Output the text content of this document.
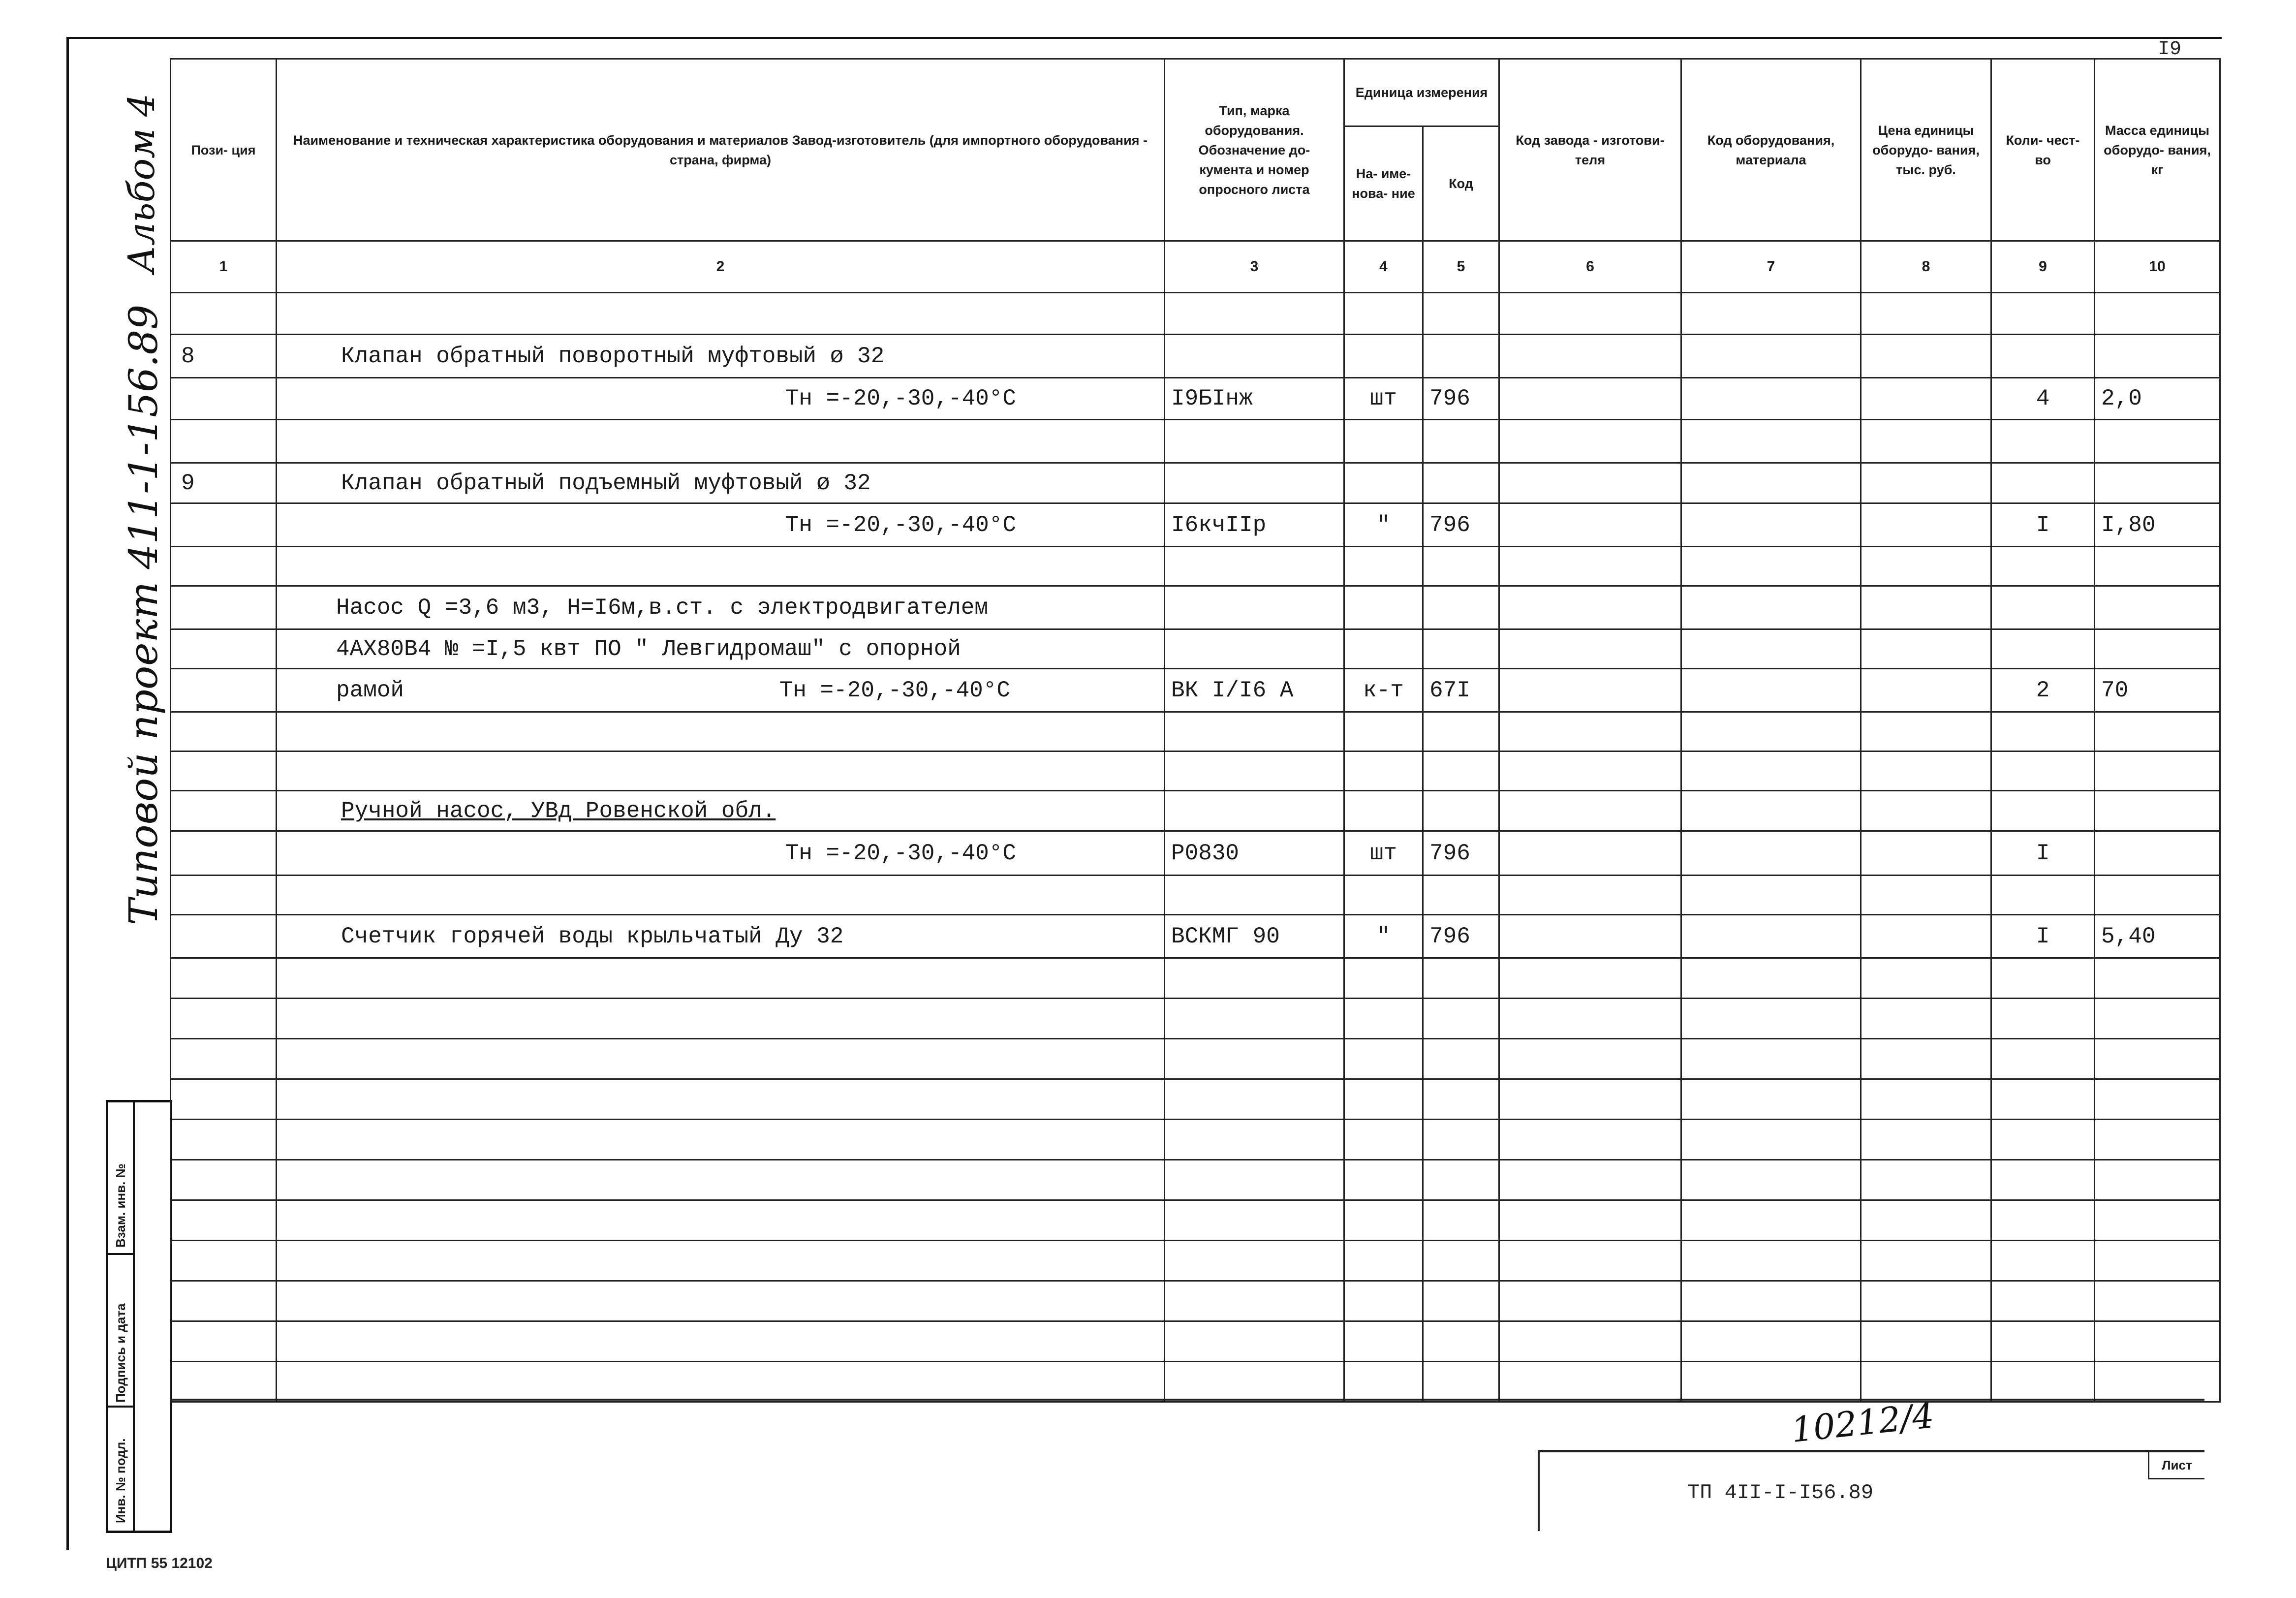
I9
Альбом 4
Типовой проект 411-1-156.89
Взам. инв. №
Подпись и дата
Инв. № подл.
Пози- ция	Наименование и техническая характеристика оборудования и материалов Завод-изготовитель (для импортного оборудования - страна, фирма)	Тип, марка оборудования. Обозначение до- кумента и номер опросного листа	Единица измерения		Код завода - изготови- теля	Код оборудования, материала	Цена единицы оборудо- вания, тыс. руб.	Коли- чест- во	Масса единицы оборудо- вания, кг
			На- име- нова- ние	Код					
1	2	3	4	5	6	7	8	9	10

8	Клапан обратный поворотный муфтовый ø 32								
	Тн =-20,-30,-40°С	I9БIнж	шт	796				4	2,0

9	Клапан обратный подъемный муфтовый ø 32								
	Тн =-20,-30,-40°С	I6кчIIр	"	796				I	I,80

	Насос Q =3,6 м3, Н=I6м,в.ст. с электродвигателем								
	4АХ80В4 № =I,5 квт ПО " Левгидромаш" с опорной								

	рамой Тн =-20,-30,-40°С	ВК I/I6 А	к-т	67I				2	70

	Ручной насос, УВд Ровенской обл.								
	Тн =-20,-30,-40°С	Р0830	шт	796				I	

	Счетчик горячей воды крыльчатый Ду 32	ВСКМГ 90	"	796				I	5,40

10212/4
Лист
ТП 4II-I-I56.89
ЦИТП 55 12102
